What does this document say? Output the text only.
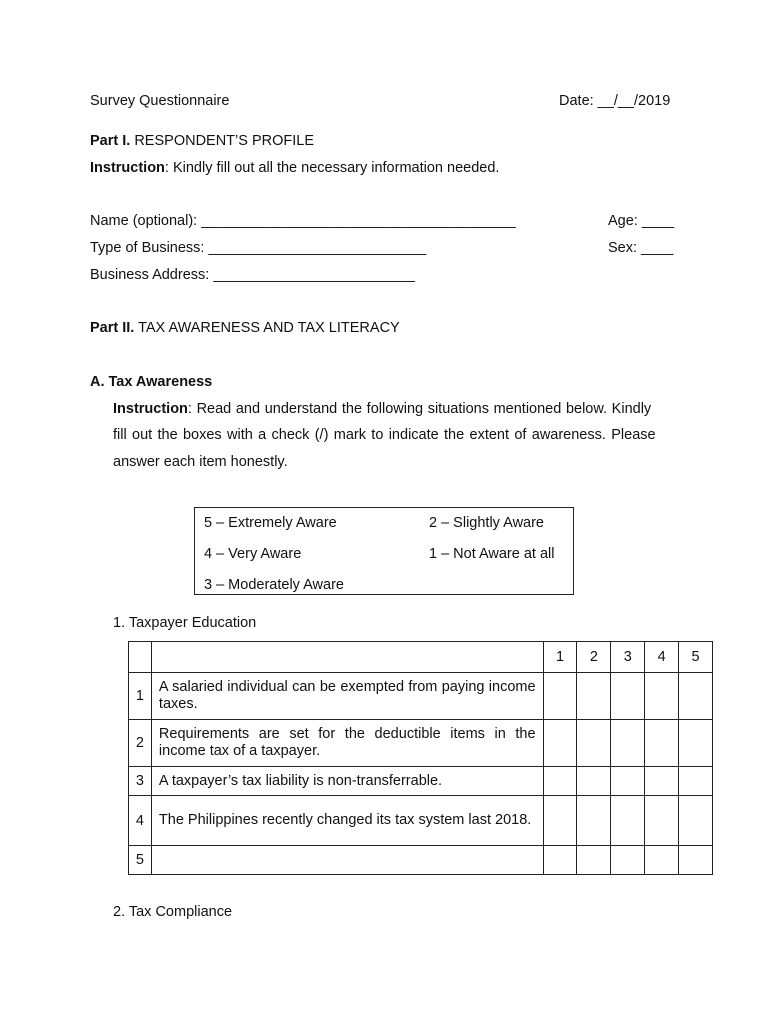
Survey Questionnaire	Date: __/__/2019
Part I. RESPONDENT’S PROFILE
Instruction: Kindly fill out all the necessary information needed.
Name (optional): _______________________________________	Age: ____
Type of Business: ___________________________	Sex: ____
Business Address: _________________________
Part II. TAX AWARENESS AND TAX LITERACY
A. Tax Awareness
Instruction: Read and understand the following situations mentioned below. Kindly
fill out the boxes with a check (/) mark to indicate the extent of awareness. Please
answer each item honestly.
5 – Extremely Aware	2 – Slightly Aware
4 – Very Aware	1 – Not Aware at all
3 – Moderately Aware
1. Taxpayer Education
		1	2	3	4	5
1	A salaried individual can be exempted from paying income taxes.					
2	Requirements are set for the deductible items in the income tax of a taxpayer.					
3	A taxpayer’s tax liability is non-transferrable.					
4	The Philippines recently changed its tax system last 2018.					
5						
2. Tax Compliance
